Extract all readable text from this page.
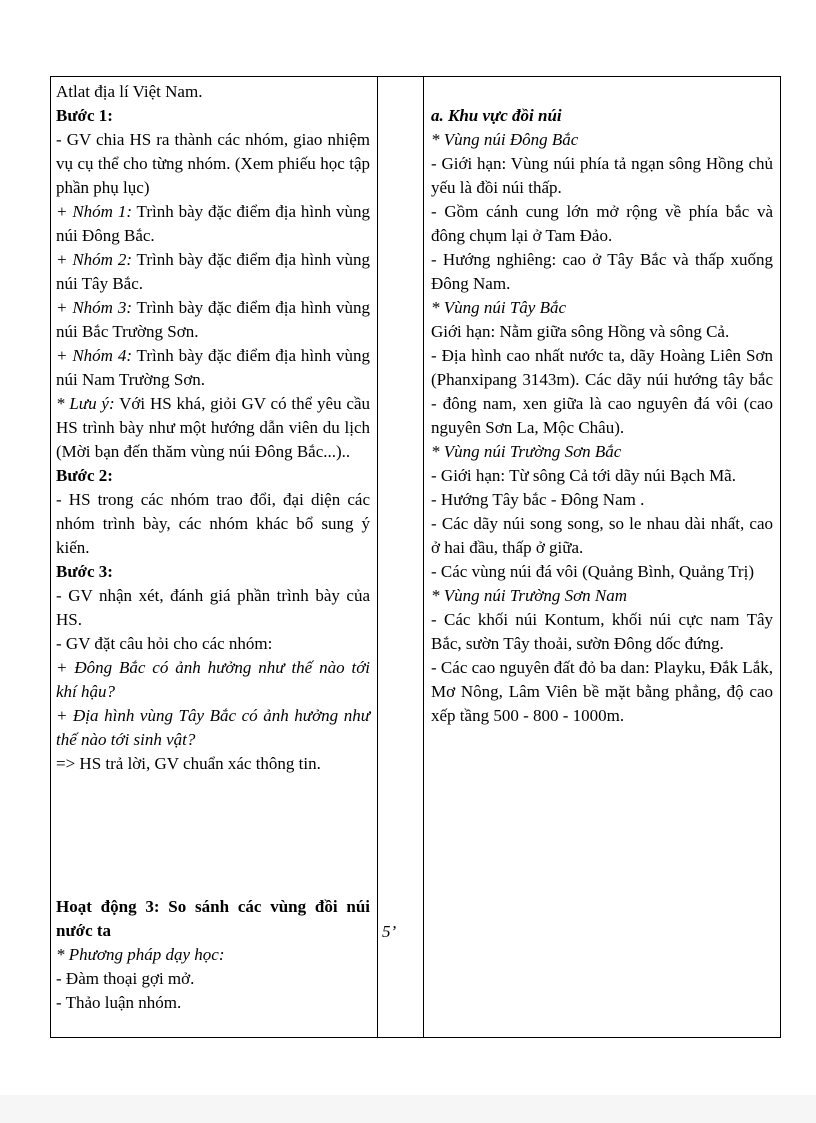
Atlat địa lí Việt Nam.

Bước 1:

- GV chia HS ra thành các nhóm, giao nhiệm vụ cụ thể cho từng nhóm. (Xem phiếu học tập phần phụ lục)

+ Nhóm 1: Trình bày đặc điểm địa hình vùng núi Đông Bắc.

+ Nhóm 2: Trình bày đặc điểm địa hình vùng núi Tây Bắc.

+ Nhóm 3: Trình bày đặc điểm địa hình vùng núi Bắc Trường Sơn.

+ Nhóm 4: Trình bày đặc điểm địa hình vùng núi Nam Trường Sơn.

* Lưu ý: Với HS khá, giỏi GV có thể yêu cầu HS trình bày như một hướng dẫn viên du lịch (Mời bạn đến thăm vùng núi Đông Bắc...)..

Bước 2:

- HS trong các nhóm trao đổi, đại diện các nhóm trình bày, các nhóm khác bổ sung ý kiến.

Bước 3:

- GV nhận xét, đánh giá phần trình bày của HS.

- GV đặt câu hỏi cho các nhóm:

+ Đông Bắc có ảnh hưởng như thế nào tới khí hậu?

+ Địa hình vùng Tây Bắc có ảnh hưởng như thế nào tới sinh vật?

=> HS trả lời, GV chuẩn xác thông tin.

Hoạt động 3: So sánh các vùng đồi núi nước ta

* Phương pháp dạy học:

- Đàm thoại gợi mở.

- Thảo luận nhóm.

5’

a. Khu vực đồi núi

* Vùng núi Đông Bắc

- Giới hạn: Vùng núi phía tả ngạn sông Hồng chủ yếu là đồi núi thấp.

- Gồm cánh cung lớn mở rộng về phía bắc và đông chụm lại ở Tam Đảo.

- Hướng nghiêng: cao ở Tây Bắc và thấp xuống Đông Nam.

* Vùng núi Tây Bắc

Giới hạn: Nằm giữa sông Hồng và sông Cả.

- Địa hình cao nhất nước ta, dãy Hoàng Liên Sơn (Phanxipang 3143m). Các dãy núi hướng tây bắc - đông nam, xen giữa là cao nguyên đá vôi (cao nguyên Sơn La, Mộc Châu).

* Vùng núi Trường Sơn Bắc

- Giới hạn: Từ sông Cả tới dãy núi Bạch Mã.

- Hướng Tây bắc - Đông Nam .

- Các dãy núi song song, so le nhau dài nhất, cao ở hai đầu, thấp ở giữa.

- Các vùng núi đá vôi (Quảng Bình, Quảng Trị)

* Vùng núi Trường Sơn Nam

- Các khối núi Kontum, khối núi cực nam Tây Bắc, sườn Tây thoải, sườn Đông dốc đứng.

- Các cao nguyên đất đỏ ba dan: Playku, Đắk Lắk, Mơ Nông, Lâm Viên bề mặt bằng phẳng, độ cao xếp tầng 500 - 800 - 1000m.
